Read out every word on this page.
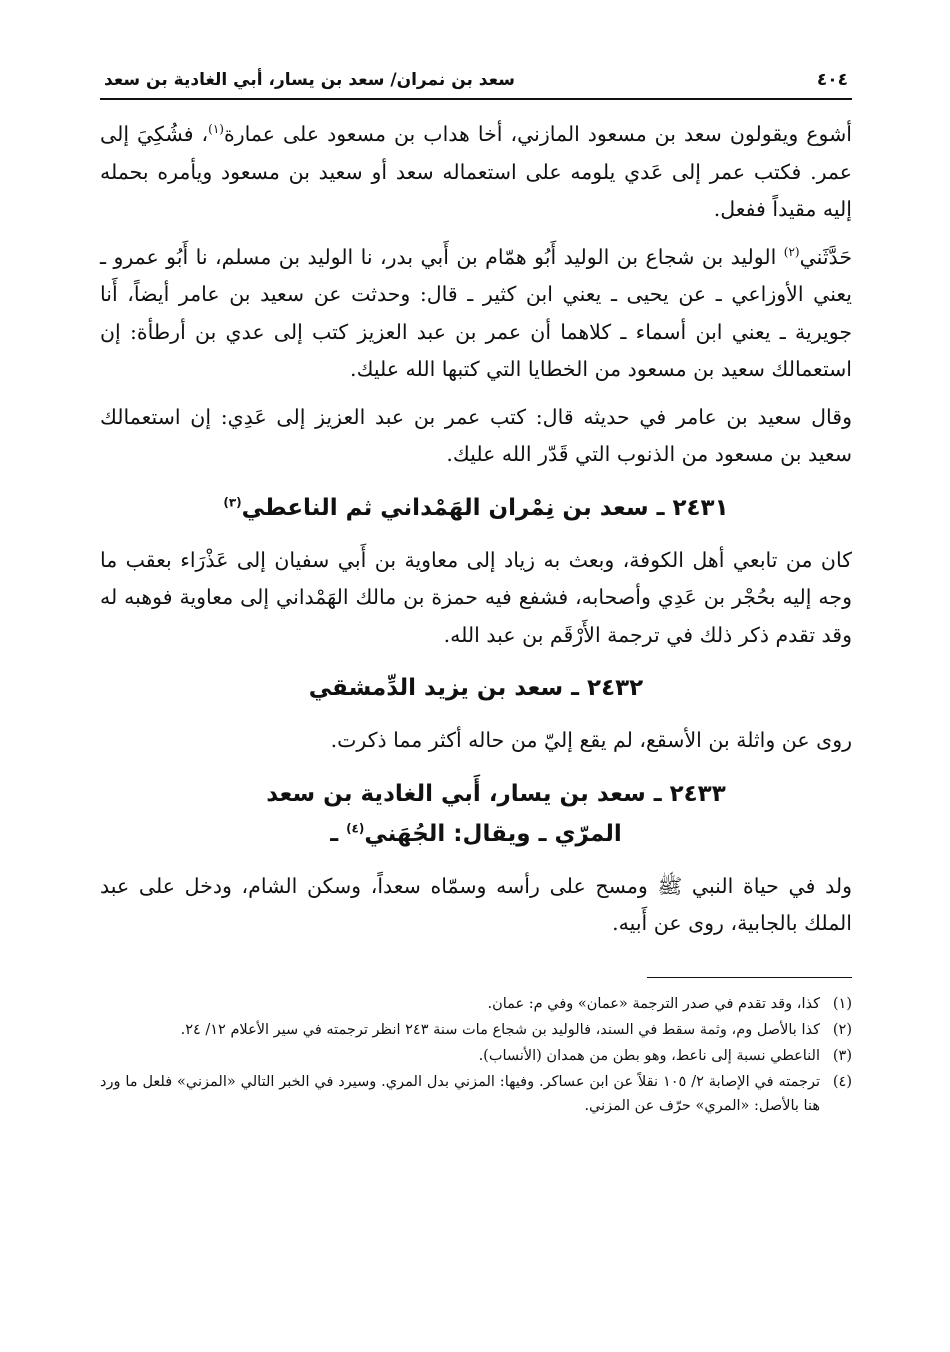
٤٠٤
سعد بن نمران/ سعد بن يسار، أبي الغادية بن سعد

أشوع ويقولون سعد بن مسعود المازني، أخا هداب بن مسعود على عمارة$^{(١)}$، فشُكِيَ إلى عمر. فكتب عمر إلى عَدي يلومه على استعماله سعد أو سعيد بن مسعود ويأمره بحمله إليه مقيداً ففعل.

حَدَّثَني$^{(٢)}$ الوليد بن شجاع بن الوليد أَبُو همّام بن أَبي بدر، نا الوليد بن مسلم، نا أَبُو عمرو ـ يعني الأوزاعي ـ عن يحيى ـ يعني ابن كثير ـ قال: وحدثت عن سعيد بن عامر أيضاً، أَنا جويرية ـ يعني ابن أسماء ـ كلاهما أن عمر بن عبد العزيز كتب إلى عدي بن أرطأة: إن استعمالك سعيد بن مسعود من الخطايا التي كتبها الله عليك.

وقال سعيد بن عامر في حديثه قال: كتب عمر بن عبد العزيز إلى عَدِي: إن استعمالك سعيد بن مسعود من الذنوب التي قَدّر الله عليك.

٢٤٣١ ـ سعد بن نِمْران الهَمْداني ثم الناعطي$^{(٣)}$

كان من تابعي أهل الكوفة، وبعث به زياد إلى معاوية بن أَبي سفيان إلى عَذْرَاء بعقب ما وجه إليه بحُجْر بن عَدِي وأصحابه، فشفع فيه حمزة بن مالك الهَمْداني إلى معاوية فوهبه له وقد تقدم ذكر ذلك في ترجمة الأَرْقَم بن عبد الله.

٢٤٣٢ ـ سعد بن يزيد الدِّمشقي

روى عن واثلة بن الأسقع، لم يقع إليّ من حاله أكثر مما ذكرت.

٢٤٣٣ ـ سعد بن يسار، أَبي الغادية بن سعد
المرّي ـ ويقال: الجُهَني$^{(٤)}$ ـ

ولد في حياة النبي ﷺ ومسح على رأسه وسمّاه سعداً، وسكن الشام، ودخل على عبد الملك بالجابية، روى عن أَبيه.

(١)
كذا، وقد تقدم في صدر الترجمة «عمان» وفي م: عمان.
(٢)
كذا بالأصل وم، وثمة سقط في السند، فالوليد بن شجاع مات سنة ٢٤٣ انظر ترجمته في سير الأعلام ١٢/ ٢٤.
(٣)
الناعطي نسبة إلى ناعط، وهو بطن من همدان (الأنساب).
(٤)
ترجمته في الإصابة ٢/ ١٠٥ نقلاً عن ابن عساكر. وفيها: المزني بدل المري. وسيرد في الخبر التالي «المزني» فلعل ما ورد هنا بالأصل: «المري» حرّف عن المزني.
